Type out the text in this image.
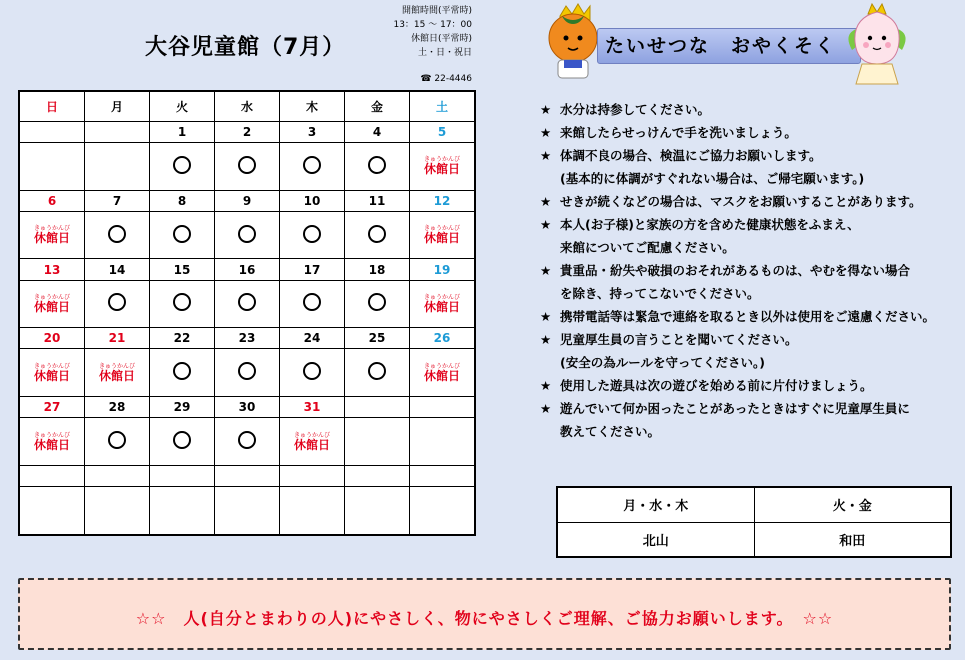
大谷児童館（7月）
開館時間(平常時)
13：15 ～ 17：00
休館日(平常時)
土・日・祝日
☎ 22-4446
日	月	火	水	木	金	土
		1	2	3	4	5

						きゅうかんび
休館日

6	7	8	9	10	11	12

きゅうかんび
休館日						きゅうかんび
休館日

13	14	15	16	17	18	19

きゅうかんび
休館日						きゅうかんび
休館日

20	21	22	23	24	25	26

きゅうかんび
休館日	きゅうかんび
休館日					きゅうかんび
休館日

27	28	29	30	31		

きゅうかんび
休館日				きゅうかんび
休館日		

たいせつな　おやくそく
★ 水分は持参してください。
★ 来館したらせっけんで手を洗いましょう。
★ 体調不良の場合、検温にご協力お願いします。
(基本的に体調がすぐれない場合は、ご帰宅願います。)
★ せきが続くなどの場合は、マスクをお願いすることがあります。
★ 本人(お子様)と家族の方を含めた健康状態をふまえ、
来館についてご配慮ください。
★ 貴重品・紛失や破損のおそれがあるものは、やむを得ない場合
を除き、持ってこないでください。
★ 携帯電話等は緊急で連絡を取るとき以外は使用をご遠慮ください。
★ 児童厚生員の言うことを聞いてください。
(安全の為ルールを守ってください。)
★ 使用した遊具は次の遊びを始める前に片付けましょう。
★ 遊んでいて何か困ったことがあったときはすぐに児童厚生員に
教えてください。
月・水・木	火・金
北山	和田
☆☆　人(自分とまわりの人)にやさしく、物にやさしくご理解、ご協力お願いします。　☆☆
